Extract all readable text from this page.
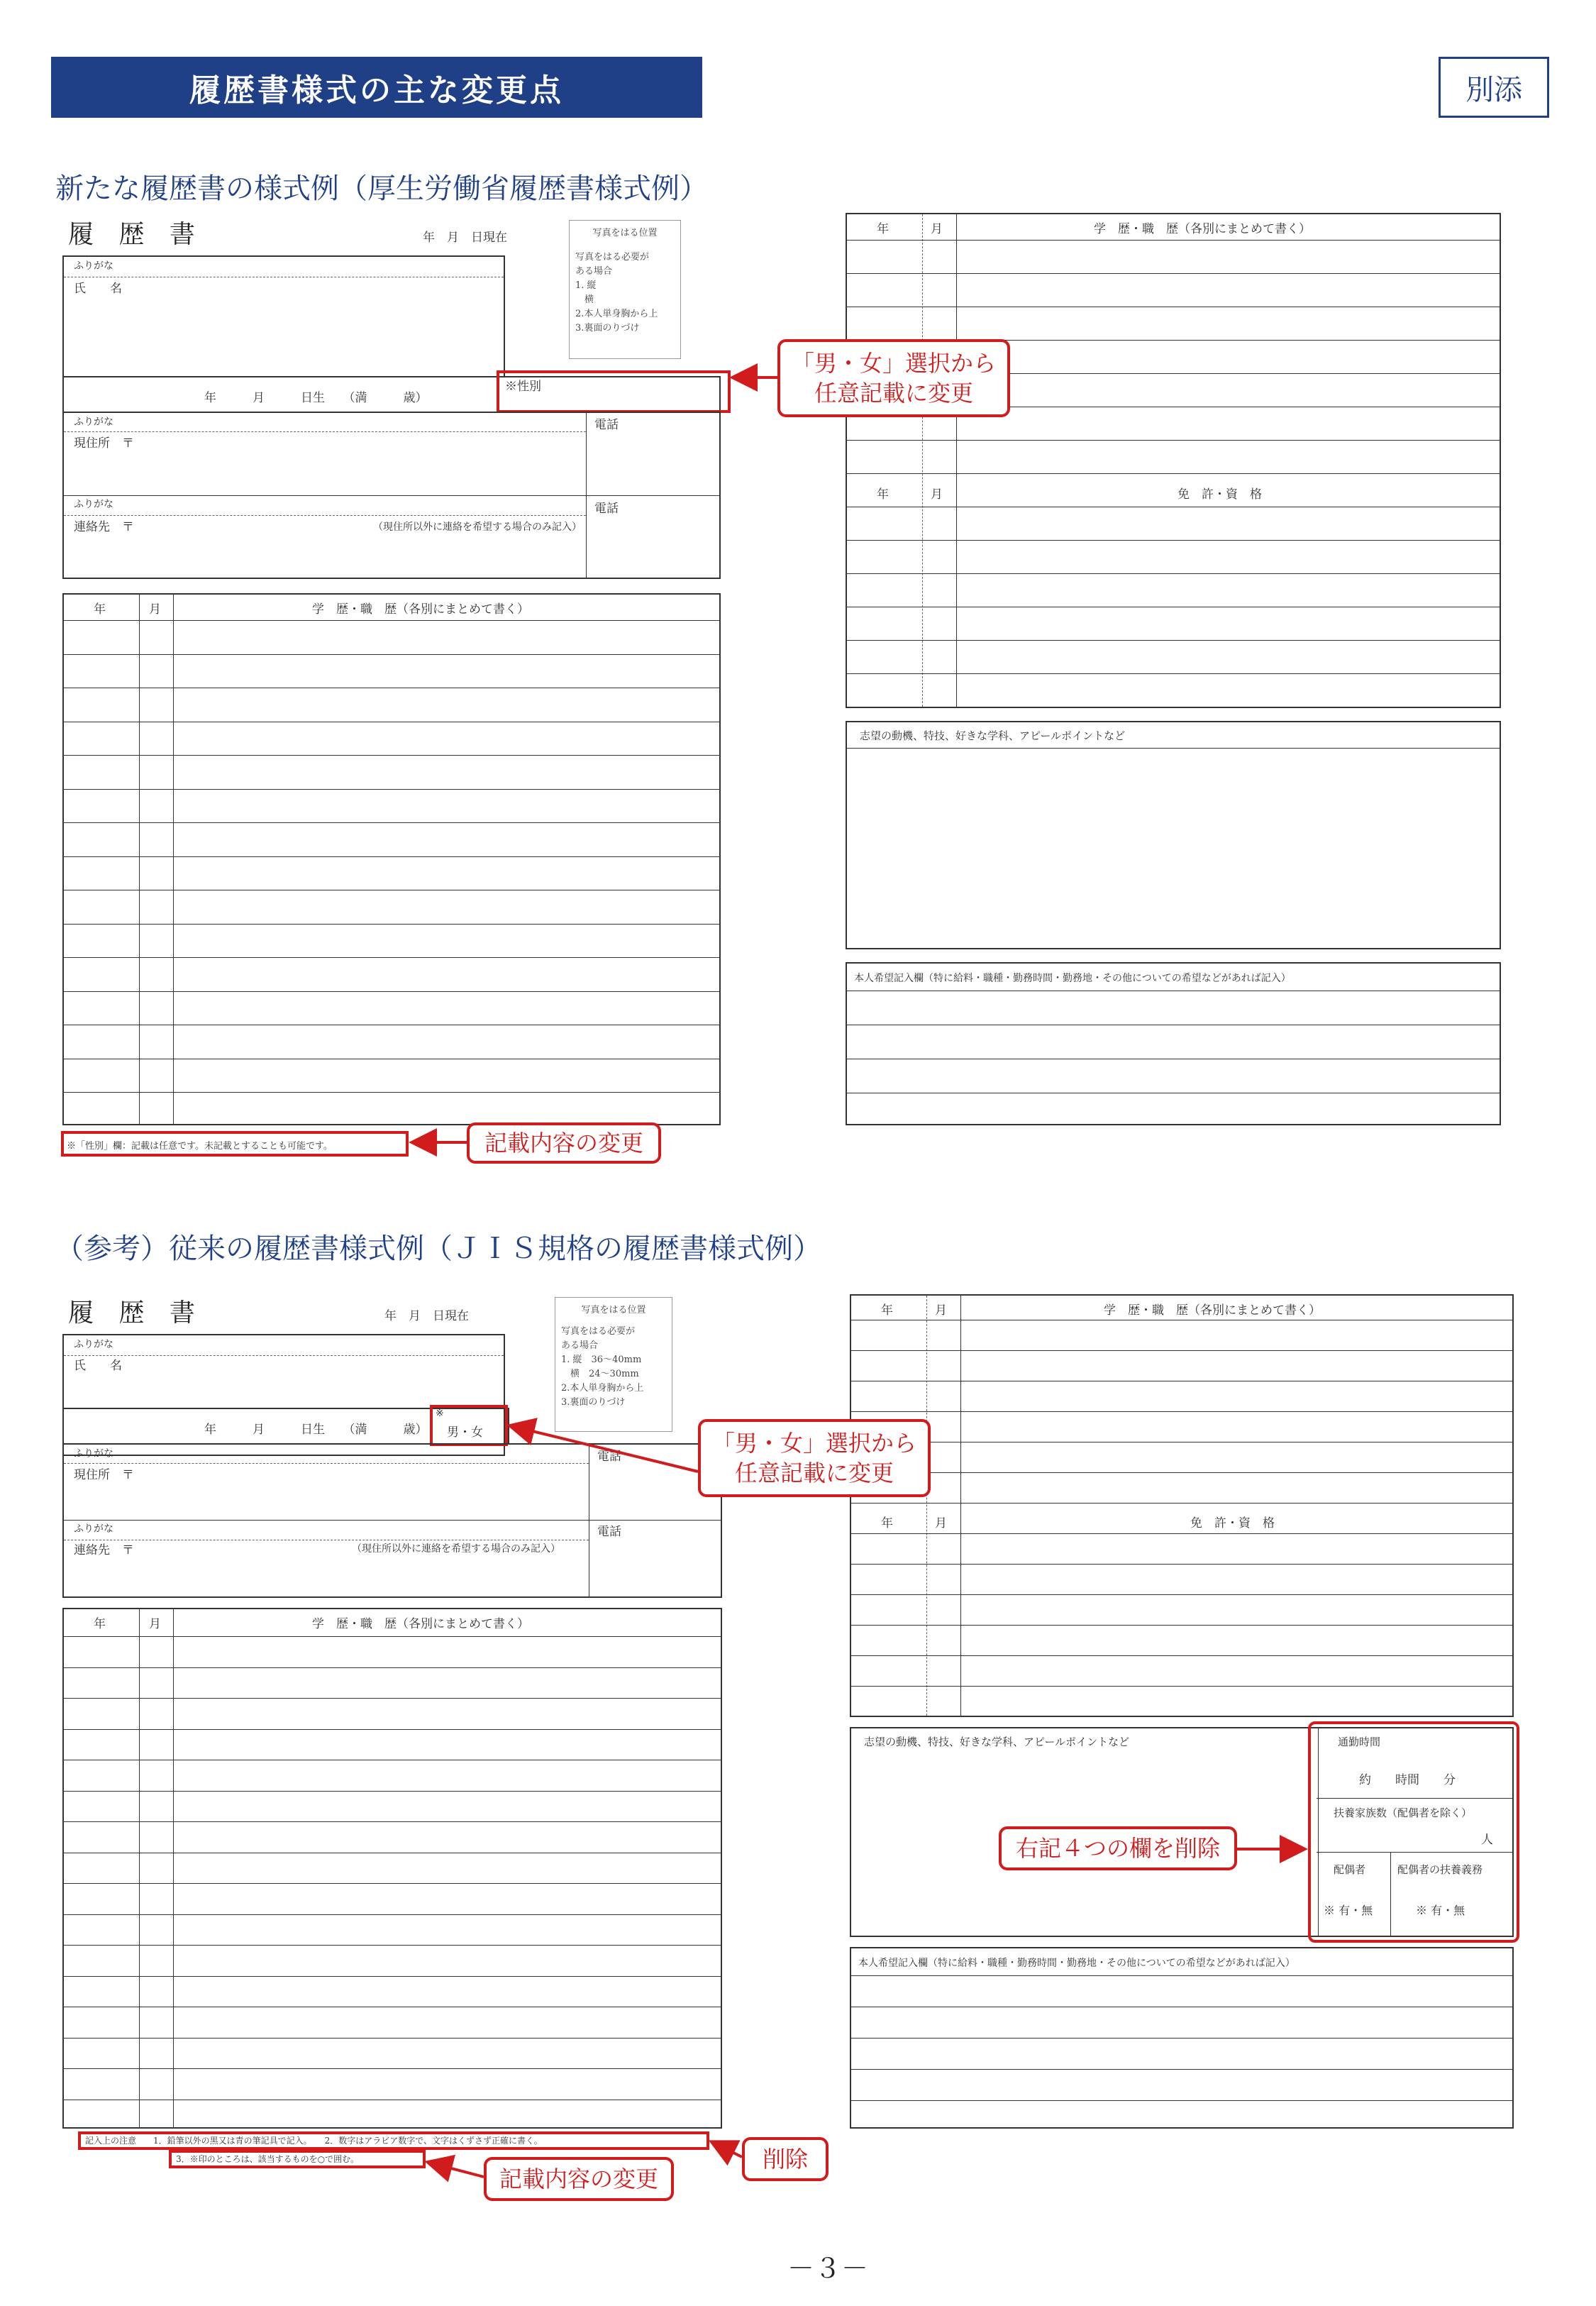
履歴書様式の主な変更点	別添
新たな履歴書の様式例（厚生労働省履歴書様式例）
履 歴 書	年　月　日現在
ふりがな
氏　　名
写真をはる位置
写真をはる必要が
ある場合
1. 縦
　横
2.本人単身胸から上
3.裏面のりづけ
年　　　月　　　日生　　（満　　　歳）
※性別
ふりがな
現住所　〒
電話
ふりがな
連絡先　〒	（現住所以外に連絡を希望する場合のみ記入）
電話
年	月	学　歴・職　歴（各別にまとめて書く）
※「性別」欄：記載は任意です。未記載とすることも可能です。
年	月	学　歴・職　歴（各別にまとめて書く）
年	月	免　許・資　格
志望の動機、特技、好きな学科、アピールポイントなど
本人希望記入欄（特に給料・職種・勤務時間・勤務地・その他についての希望などがあれば記入）
「男・女」選択から
任意記載に変更
記載内容の変更
（参考）従来の履歴書様式例（ＪＩＳ規格の履歴書様式例）
履 歴 書	年　月　日現在
ふりがな
氏　　名
写真をはる位置
写真をはる必要が
ある場合
1. 縦　36〜40mm
　横　24〜30mm
2.本人単身胸から上
3.裏面のりづけ
年　　　月　　　日生　　（満　　　歳）
※
男・女
ふりがな
現住所　〒
電話
ふりがな
連絡先　〒	（現住所以外に連絡を希望する場合のみ記入）
電話
年	月	学　歴・職　歴（各別にまとめて書く）
記入上の注意　　1．鉛筆以外の黒又は青の筆記具で記入。　　2．数字はアラビア数字で、文字はくずさず正確に書く。
3．※印のところは、該当するものを○で囲む。
年	月	学　歴・職　歴（各別にまとめて書く）
年	月	免　許・資　格
志望の動機、特技、好きな学科、アピールポイントなど	通勤時間
約　　時間　　分
扶養家族数（配偶者を除く）
人
配偶者	配偶者の扶養義務
※ 有・無	※ 有・無
本人希望記入欄（特に給料・職種・勤務時間・勤務地・その他についての希望などがあれば記入）
「男・女」選択から
任意記載に変更
右記４つの欄を削除
削除
記載内容の変更
－３－
